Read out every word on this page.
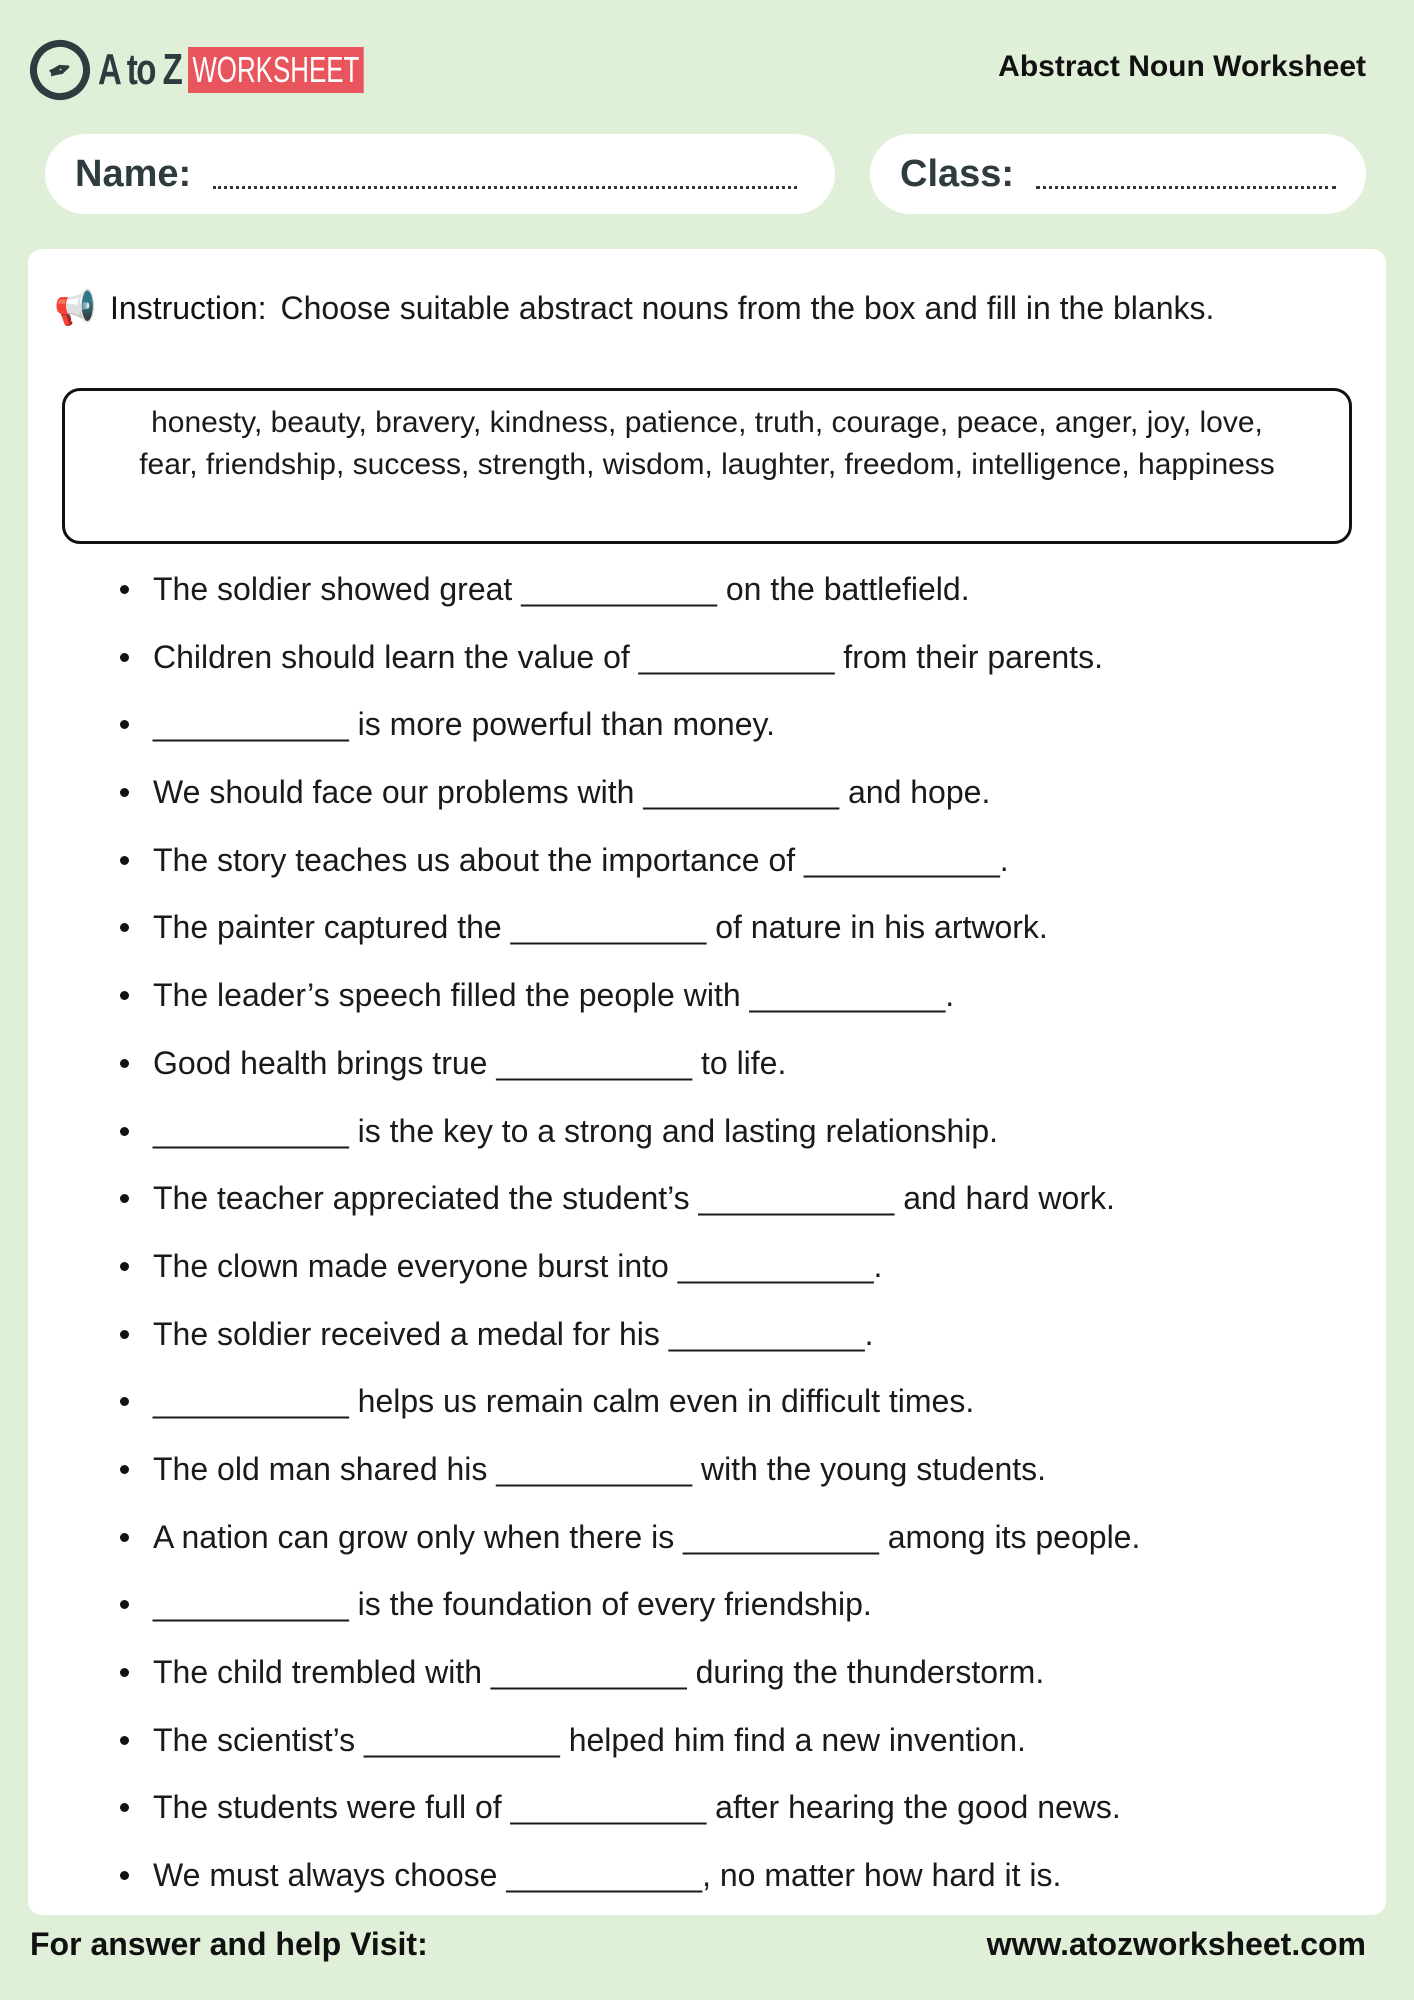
✒ A to Z WORKSHEET	Abstract Noun Worksheet
Name:	Class:
📢 Instruction: Choose suitable abstract nouns from the box and fill in the blanks.
honesty, beauty, bravery, kindness, patience, truth, courage, peace, anger, joy, love, fear, friendship, success, strength, wisdom, laughter, freedom, intelligence, happiness
The soldier showed great ___________ on the battlefield.
Children should learn the value of ___________ from their parents.
___________ is more powerful than money.
We should face our problems with ___________ and hope.
The story teaches us about the importance of ___________.
The painter captured the ___________ of nature in his artwork.
The leader’s speech filled the people with ___________.
Good health brings true ___________ to life.
___________ is the key to a strong and lasting relationship.
The teacher appreciated the student’s ___________ and hard work.
The clown made everyone burst into ___________.
The soldier received a medal for his ___________.
___________ helps us remain calm even in difficult times.
The old man shared his ___________ with the young students.
A nation can grow only when there is ___________ among its people.
___________ is the foundation of every friendship.
The child trembled with ___________ during the thunderstorm.
The scientist’s ___________ helped him find a new invention.
The students were full of ___________ after hearing the good news.
We must always choose ___________, no matter how hard it is.
For answer and help Visit:	www.atozworksheet.com
